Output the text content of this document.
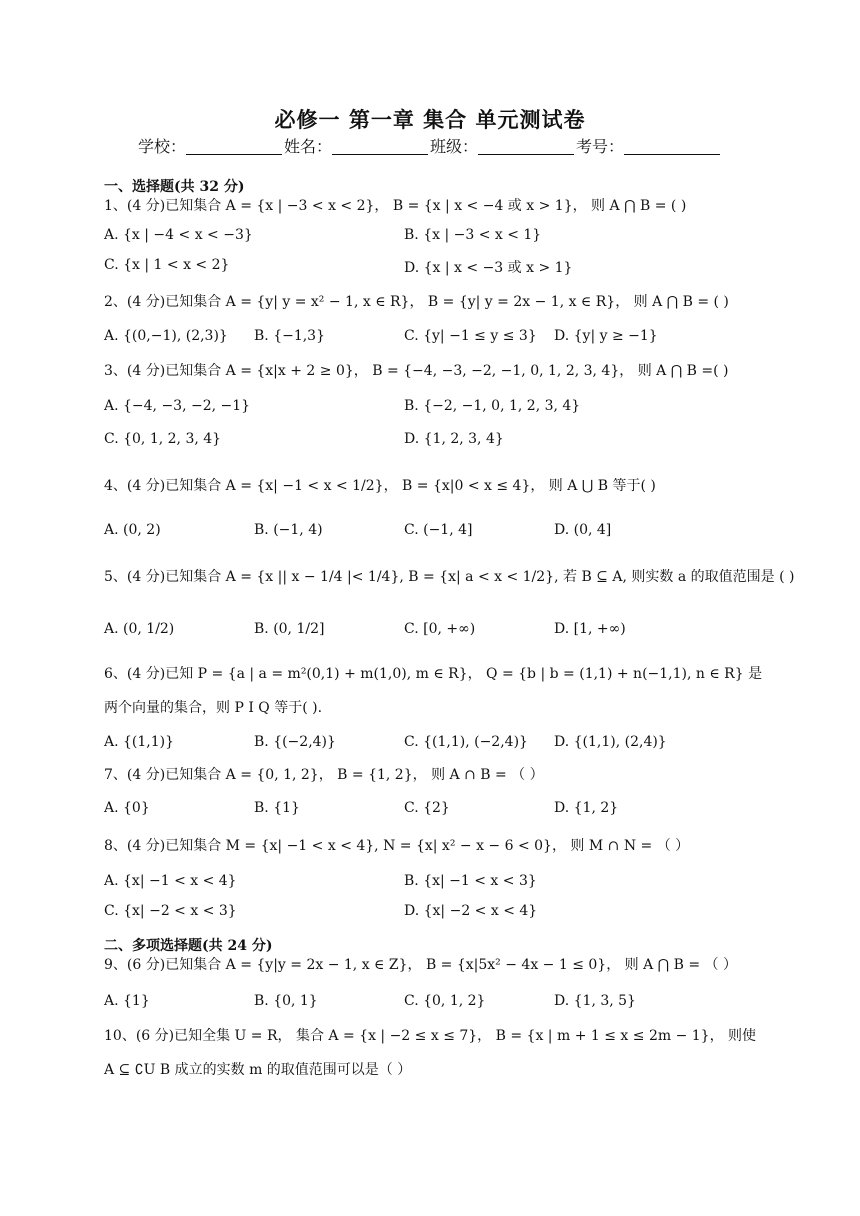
必修一 第一章 集合 单元测试卷
学校：	姓名：	班级：	考号：
一、选择题(共 32 分)
1、(4 分)已知集合 A = {x | −3 < x < 2}， B = {x | x < −4 或 x > 1}， 则 A ⋂ B = ( )
A. {x | −4 < x < −3}	B. {x | −3 < x < 1}
C. {x | 1 < x < 2}	D. {x | x < −3 或 x > 1}
2、(4 分)已知集合 A = {y| y = x² − 1, x ∈ R}， B = {y| y = 2x − 1, x ∈ R}， 则 A ⋂ B = ( )
A. {(0,−1), (2,3)} B. {−1,3}	C. {y| −1 ≤ y ≤ 3} D. {y| y ≥ −1}
3、(4 分)已知集合 A = {x|x + 2 ≥ 0}， B = {−4, −3, −2, −1, 0, 1, 2, 3, 4}， 则 A ⋂ B =( )
A. {−4, −3, −2, −1}	B. {−2, −1, 0, 1, 2, 3, 4}
C. {0, 1, 2, 3, 4}	D. {1, 2, 3, 4}
4、(4 分)已知集合 A = {x| −1 < x < 1/2}， B = {x|0 < x ≤ 4}， 则 A ⋃ B 等于( )
A. (0, 2)	B. (−1, 4)	C. (−1, 4]	D. (0, 4]
5、(4 分)已知集合 A = {x || x − 1/4 |< 1/4}, B = {x| a < x < 1/2}, 若 B ⊆ A, 则实数 a 的取值范围是 ( )
A. (0, 1/2)	B. (0, 1/2]	C. [0, +∞)	D. [1, +∞)
6、(4 分)已知 P = {a | a = m²(0,1) + m(1,0), m ∈ R}， Q = {b | b = (1,1) + n(−1,1), n ∈ R} 是两个向量的集合，则 P I Q 等于( ).
A. {(1,1)}	B. {(−2,4)}	C. {(1,1), (−2,4)} D. {(1,1), (2,4)}
7、(4 分)已知集合 A = {0, 1, 2}， B = {1, 2}， 则 A ∩ B = （ ）
A. {0}	B. {1}	C. {2}	D. {1, 2}
8、(4 分)已知集合 M = {x| −1 < x < 4}, N = {x| x² − x − 6 < 0}， 则 M ∩ N = （ ）
A. {x| −1 < x < 4}	B. {x| −1 < x < 3}
C. {x| −2 < x < 3}	D. {x| −2 < x < 4}
二、多项选择题(共 24 分)
9、(6 分)已知集合 A = {y|y = 2x − 1, x ∈ Z}， B = {x|5x² − 4x − 1 ≤ 0}， 则 A ⋂ B = （ ）
A. {1}	B. {0, 1}	C. {0, 1, 2}	D. {1, 3, 5}
10、(6 分)已知全集 U = R， 集合 A = {x | −2 ≤ x ≤ 7}， B = {x | m + 1 ≤ x ≤ 2m − 1}， 则使 A ⊆ ∁U B 成立的实数 m 的取值范围可以是（ ）
